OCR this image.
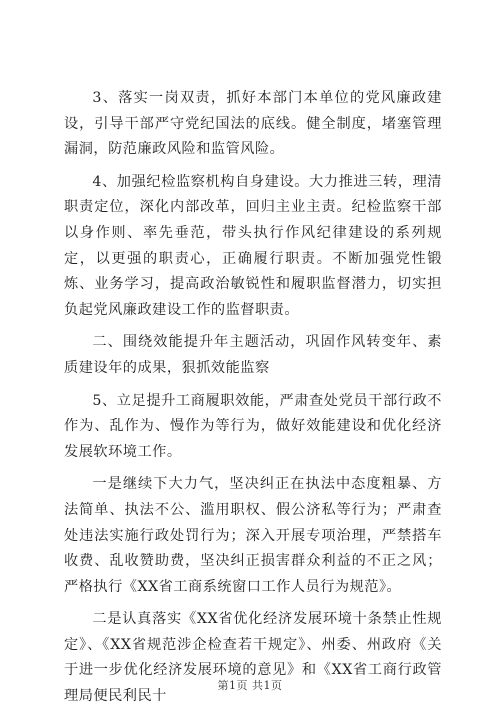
3、落实一岗双责，抓好本部门本单位的党风廉政建设，引导干部严守党纪国法的底线。健全制度，堵塞管理漏洞，防范廉政风险和监管风险。

4、加强纪检监察机构自身建设。大力推进三转，理清职责定位，深化内部改革，回归主业主责。纪检监察干部以身作则、率先垂范，带头执行作风纪律建设的系列规定，以更强的职责心，正确履行职责。不断加强党性锻炼、业务学习，提高政治敏锐性和履职监督潜力，切实担负起党风廉政建设工作的监督职责。

二、围绕效能提升年主题活动，巩固作风转变年、素质建设年的成果，狠抓效能监察

5、立足提升工商履职效能，严肃查处党员干部行政不作为、乱作为、慢作为等行为，做好效能建设和优化经济发展软环境工作。

一是继续下大力气，坚决纠正在执法中态度粗暴、方法简单、执法不公、滥用职权、假公济私等行为；严肃查处违法实施行政处罚行为；深入开展专项治理，严禁搭车收费、乱收赞助费，坚决纠正损害群众利益的不正之风；严格执行《XX省工商系统窗口工作人员行为规范》。

二是认真落实《XX省优化经济发展环境十条禁止性规定》、《XX省规范涉企检查若干规定》、州委、州政府《关于进一步优化经济发展环境的意见》和《XX省工商行政管理局便民利民十

第1页 共1页
